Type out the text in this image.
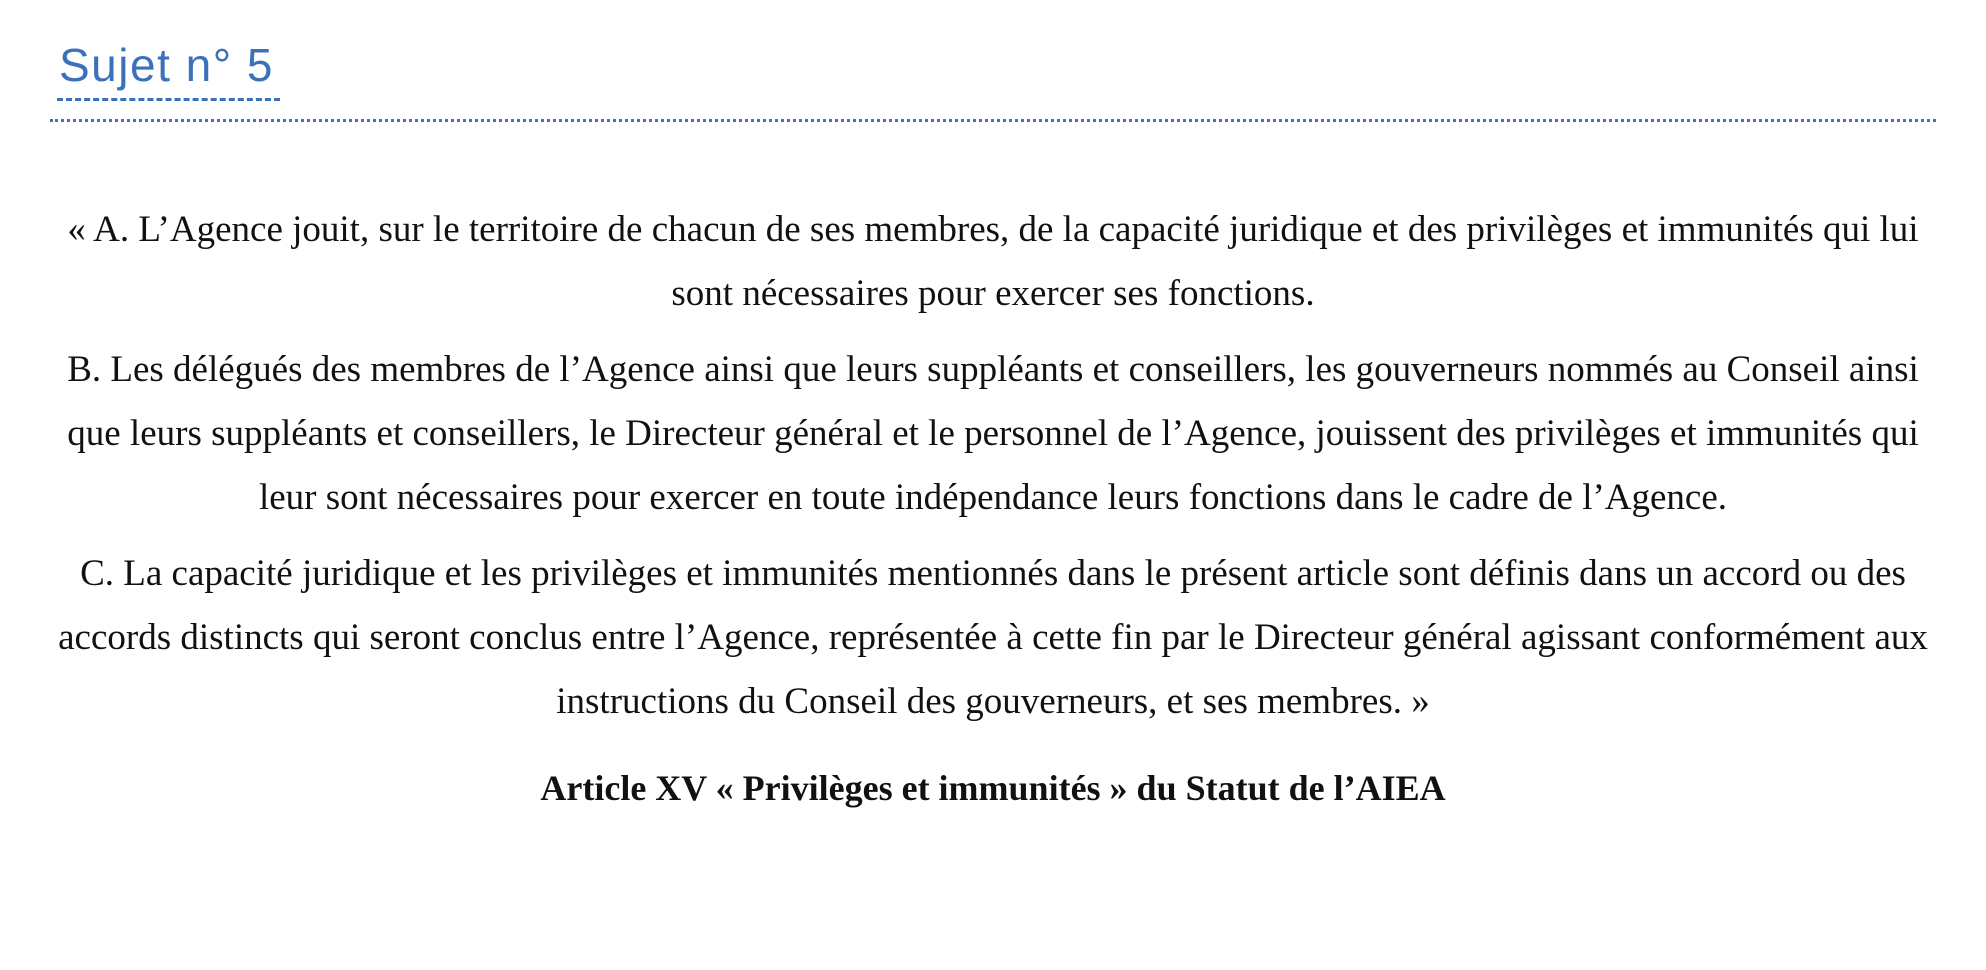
Sujet n° 5

« A. L’Agence jouit, sur le territoire de chacun de ses membres, de la capacité juridique et des privilèges et immunités qui lui sont nécessaires pour exercer ses fonctions.

B. Les délégués des membres de l’Agence ainsi que leurs suppléants et conseillers, les gouverneurs nommés au Conseil ainsi que leurs suppléants et conseillers, le Directeur général et le personnel de l’Agence, jouissent des privilèges et immunités qui leur sont nécessaires pour exercer en toute indépendance leurs fonctions dans le cadre de l’Agence.

C. La capacité juridique et les privilèges et immunités mentionnés dans le présent article sont définis dans un accord ou des accords distincts qui seront conclus entre l’Agence, représentée à cette fin par le Directeur général agissant conformément aux instructions du Conseil des gouverneurs, et ses membres. »

Article XV « Privilèges et immunités » du Statut de l’AIEA
